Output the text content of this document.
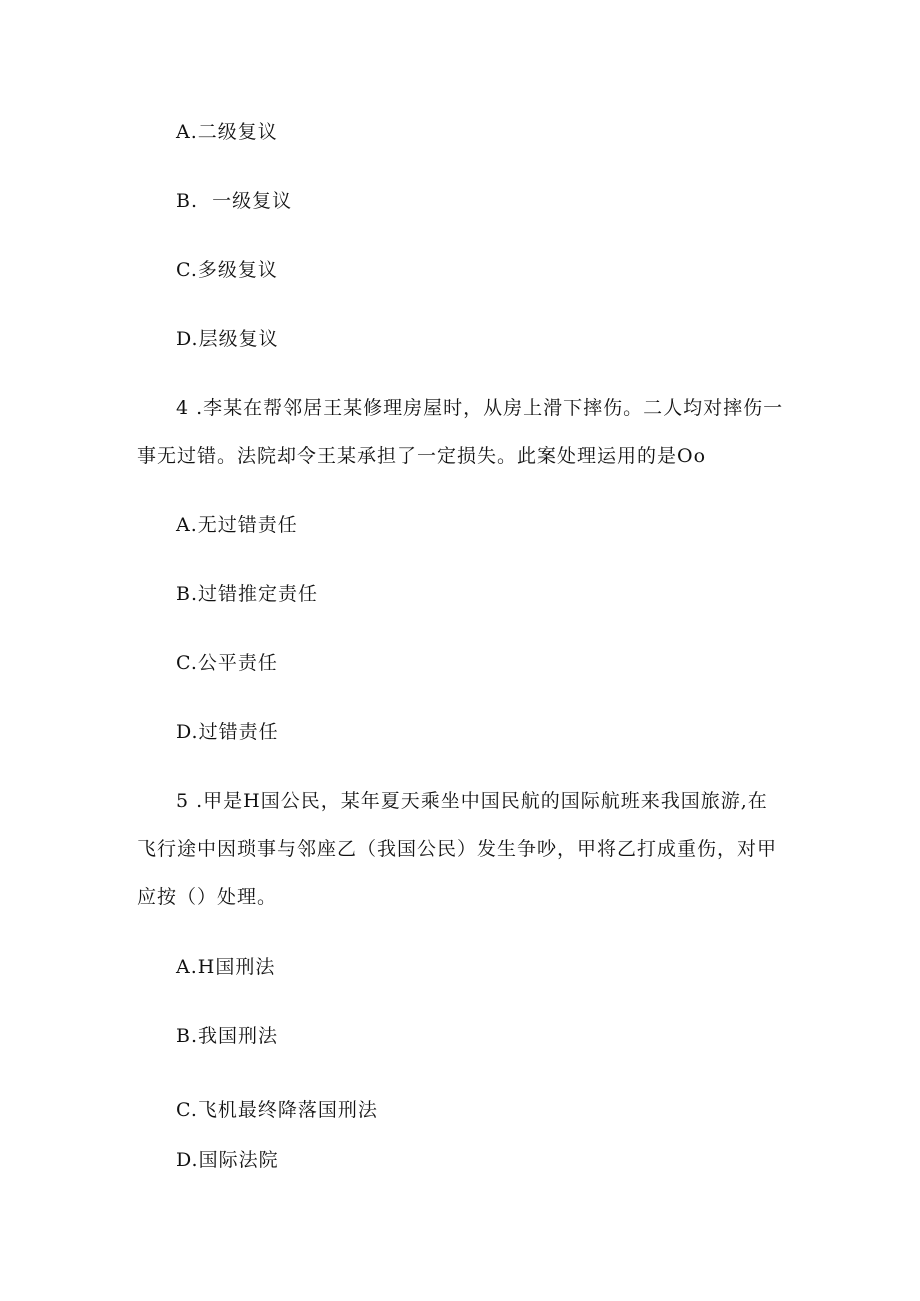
A.二级复议
B.  一级复议
C.多级复议
D.层级复议
4 .李某在帮邻居王某修理房屋时，从房上滑下摔伤。二人均对摔伤一
事无过错。法院却令王某承担了一定损失。此案处理运用的是Oo
A.无过错责任
B.过错推定责任
C.公平责任
D.过错责任
5 .甲是H国公民，某年夏天乘坐中国民航的国际航班来我国旅游,在
飞行途中因琐事与邻座乙（我国公民）发生争吵，甲将乙打成重伤，对甲
应按（）处理。
A.H国刑法
B.我国刑法
C.飞机最终降落国刑法
D.国际法院
